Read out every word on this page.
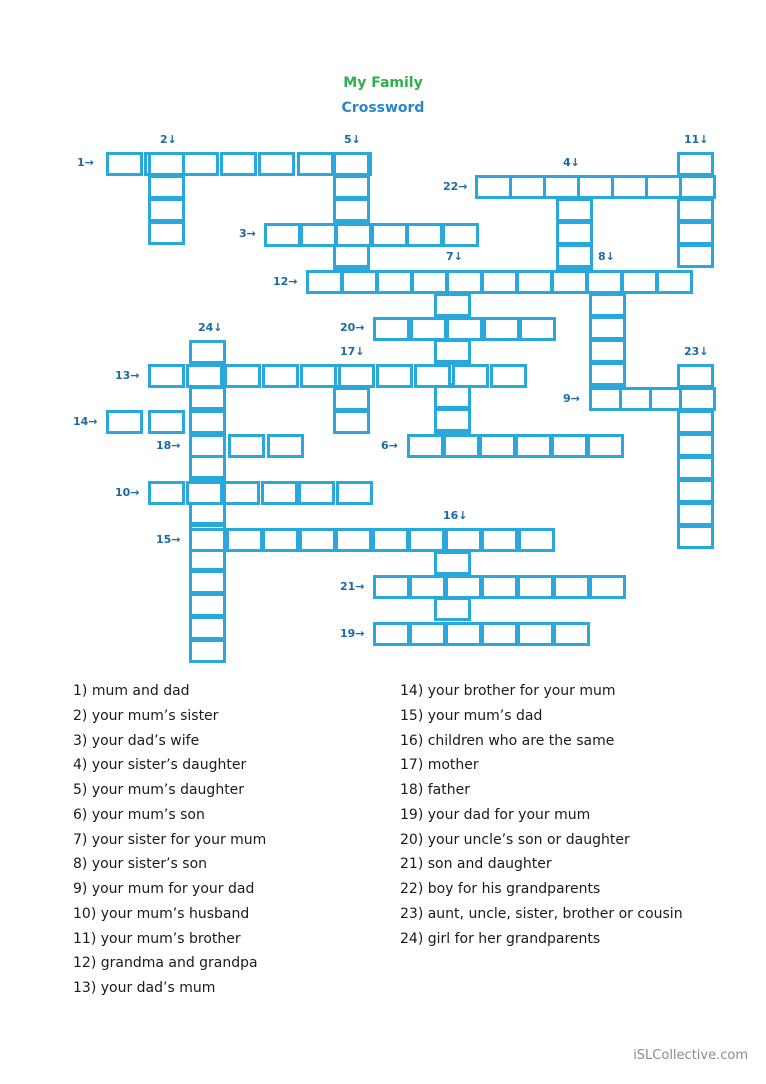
My Family
Crossword
1→
2↓	5↓	11↓
4↓
22→
3→
7↓	8↓
12→
24↓	20→
17↓	23↓
13→
9→
14→
18→	6→
10→
16↓
15→
21→
19→
1) mum and dad
2) your mum’s sister
3) your dad’s wife
4) your sister’s daughter
5) your mum’s daughter
6) your mum’s son
7) your sister for your mum
8) your sister’s son
9) your mum for your dad
10) your mum’s husband
11) your mum’s brother
12) grandma and grandpa
13) your dad’s mum
14) your brother for your mum
15) your mum’s dad
16) children who are the same
17) mother
18) father
19) your dad for your mum
20) your uncle’s son or daughter
21) son and daughter
22) boy for his grandparents
23) aunt, uncle, sister, brother or cousin
24) girl for her grandparents
iSLCollective.com
